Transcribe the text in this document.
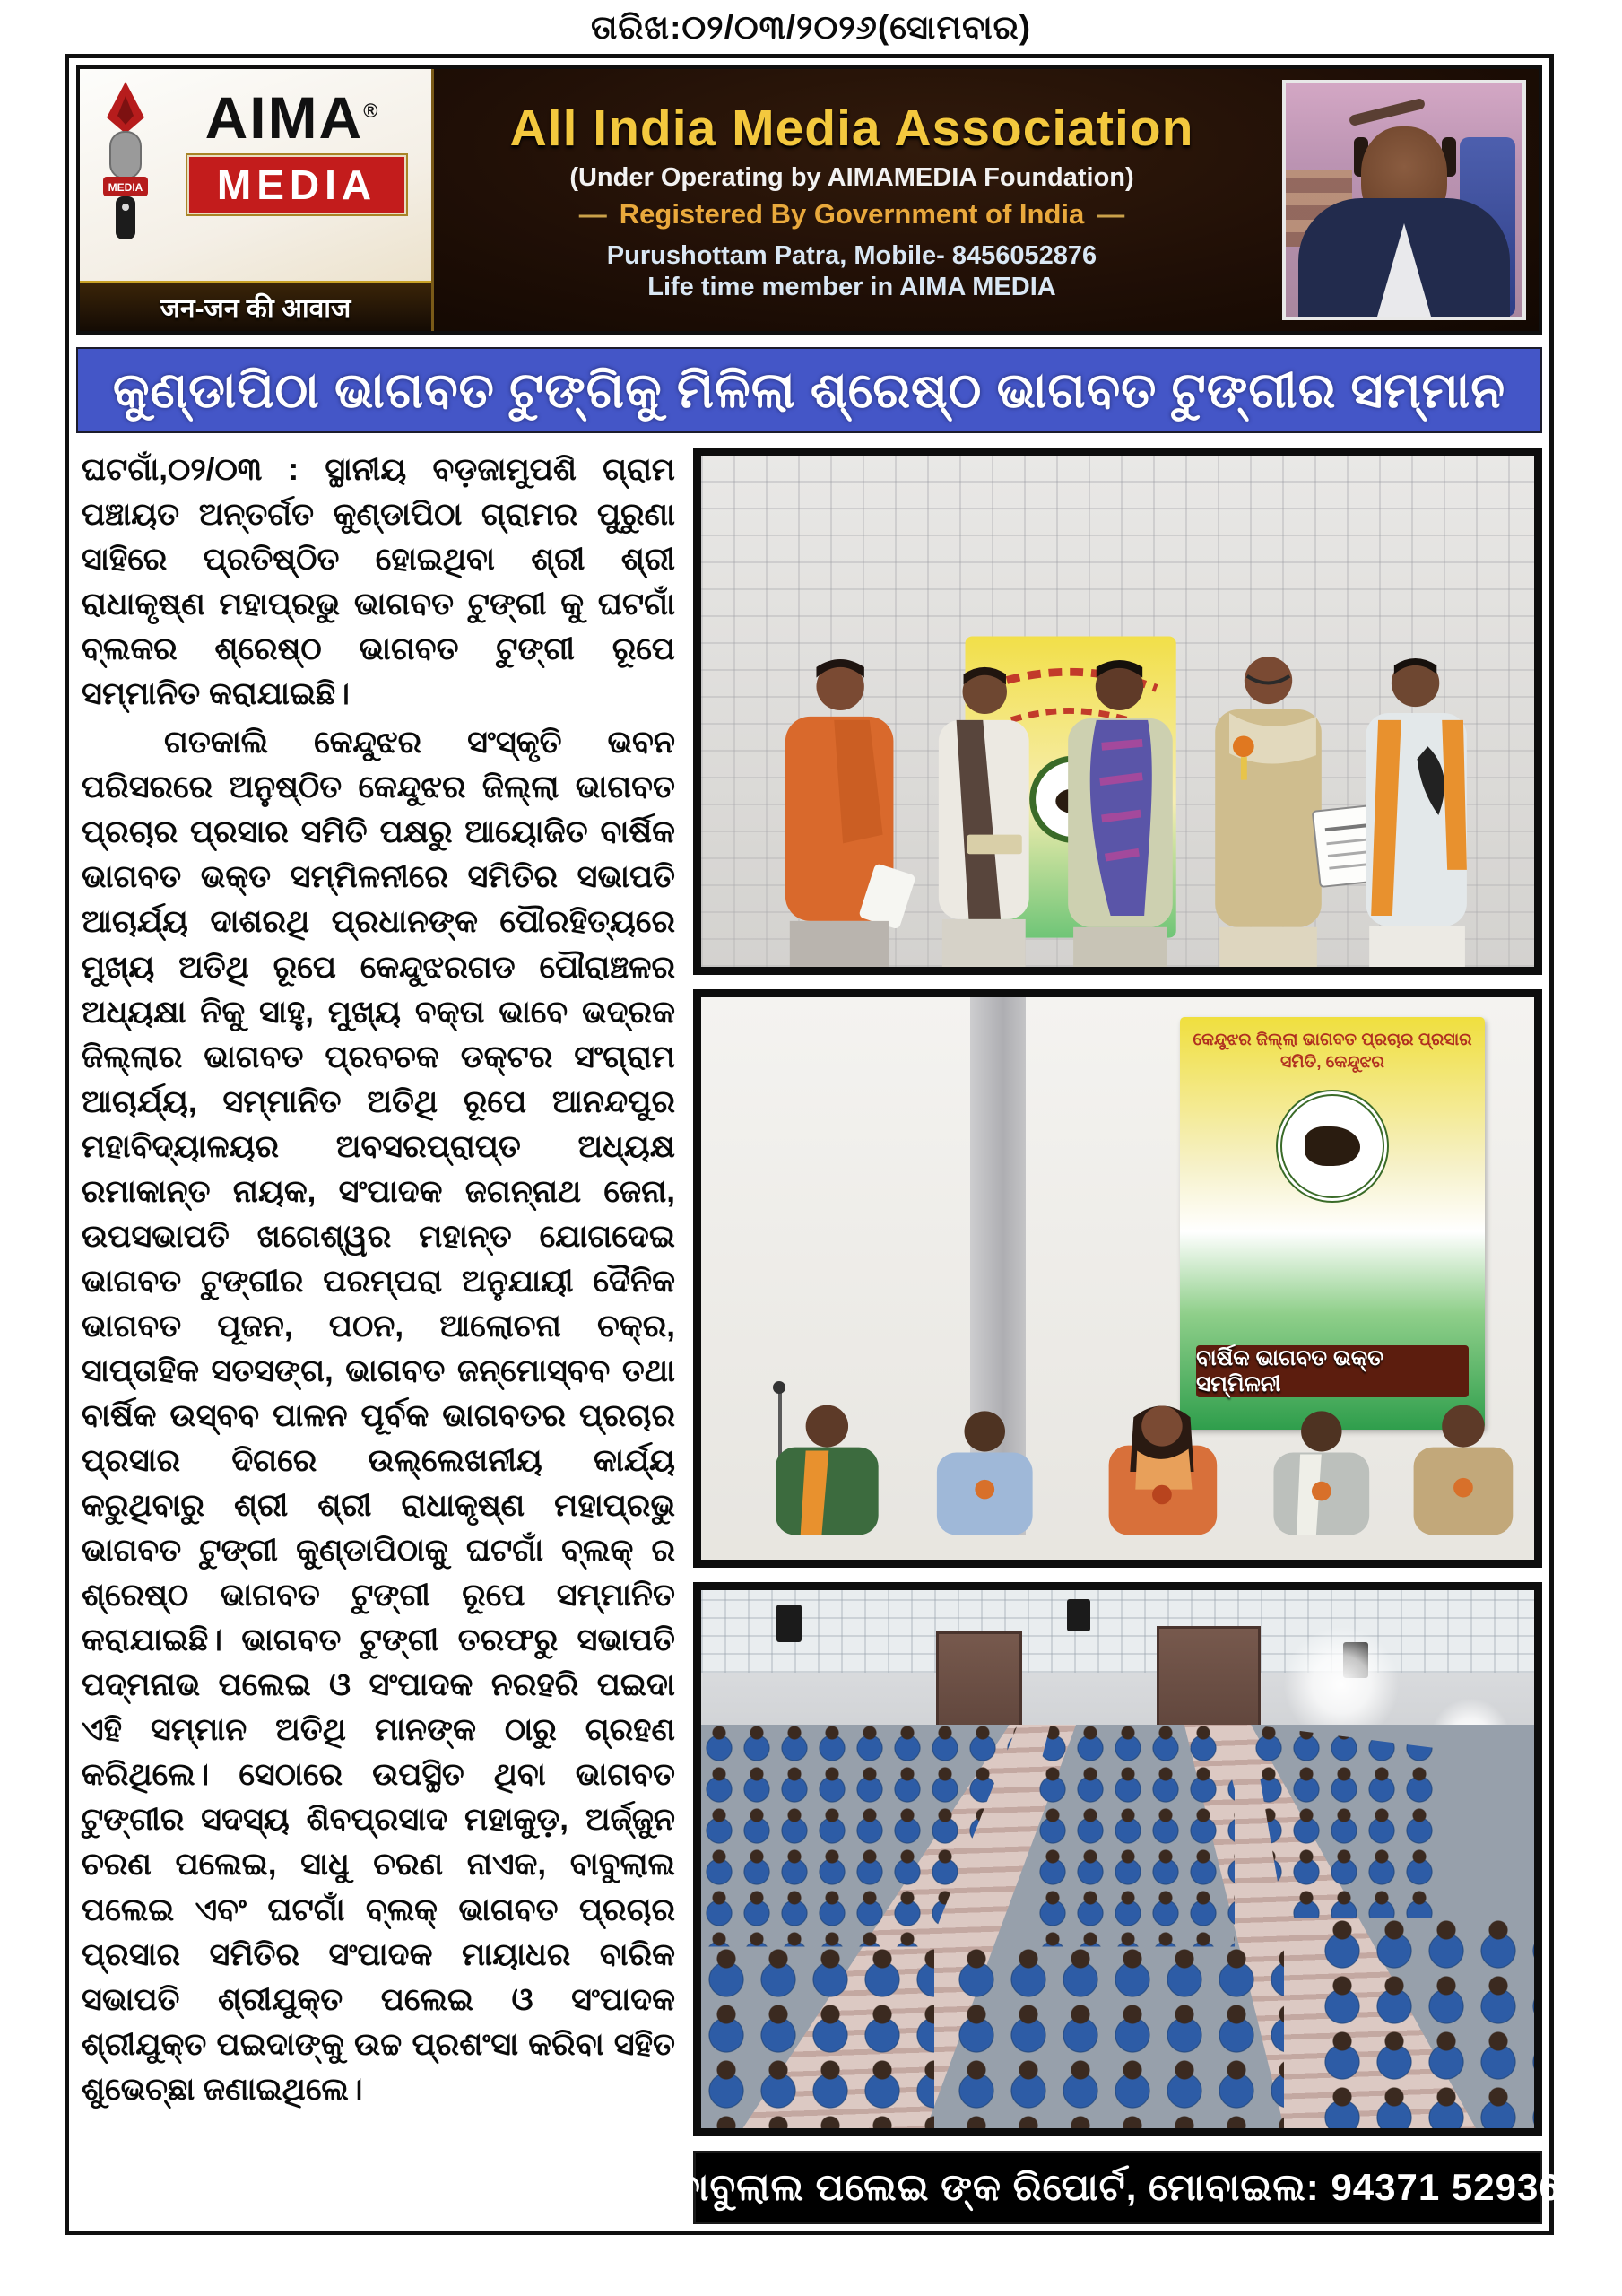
ତାରିଖ:୦୨/୦୩/୨୦୨୬(ସୋମବାର)
MEDIA
AIMA®
MEDIA
जन-जन की आवाज
All India Media Association
(Under Operating by AIMAMEDIA Foundation)
— Registered By Government of India —
Purushottam Patra, Mobile- 8456052876
Life time member in AIMA MEDIA
କୁଣ୍ଡାପିଠା ଭାଗବତ ଟୁଙ୍ଗିକୁ ମିଳିଲା ଶ୍ରେଷ୍ଠ ଭାଗବତ ଟୁଙ୍ଗୀର ସମ୍ମାନ

ଘଟଗାଁ,୦୨/୦୩ : ସ୍ଥାନୀୟ ବଡ଼ଜାମୁପଶି ଗ୍ରାମ ପଞ୍ଚାୟତ ଅନ୍ତର୍ଗତ କୁଣ୍ଡାପିଠା ଗ୍ରାମର ପୁରୁଣା ସାହିରେ ପ୍ରତିଷ୍ଠିତ ହୋଇଥିବା ଶ୍ରୀ ଶ୍ରୀ ରାଧାକୃଷ୍ଣ ମହାପ୍ରଭୁ ଭାଗବତ ଟୁଙ୍ଗୀ କୁ ଘଟଗାଁ ବ୍ଲକର ଶ୍ରେଷ୍ଠ ଭାଗବତ ଟୁଙ୍ଗୀ ରୂପେ ସମ୍ମାନିତ କରାଯାଇଛି।

ଗତକାଲି କେନ୍ଦୁଝର ସଂସ୍କୃତି ଭବନ ପରିସରରେ ଅନୁଷ୍ଠିତ କେନ୍ଦୁଝର ଜିଲ୍ଲା ଭାଗବତ ପ୍ରଚାର ପ୍ରସାର ସମିତି ପକ୍ଷରୁ ଆୟୋଜିତ ବାର୍ଷିକ ଭାଗବତ ଭକ୍ତ ସମ୍ମିଳନୀରେ ସମିତିର ସଭାପତି ଆଚାର୍ଯ୍ୟ ଦାଶରଥି ପ୍ରଧାନଙ୍କ ପୌରହିତ୍ୟରେ ମୁଖ୍ୟ ଅତିଥି ରୂପେ କେନ୍ଦୁଝରଗଡ ପୌରାଞ୍ଚଳର ଅଧ୍ୟକ୍ଷା ନିକୁ ସାହୁ, ମୁଖ୍ୟ ବକ୍ତା ଭାବେ ଭଦ୍ରକ ଜିଲ୍ଲାର ଭାଗବତ ପ୍ରବଚକ ଡକ୍ଟର ସଂଗ୍ରାମ ଆଚାର୍ଯ୍ୟ, ସମ୍ମାନିତ ଅତିଥି ରୂପେ ଆନନ୍ଦପୁର ମହାବିଦ୍ୟାଳୟର ଅବସରପ୍ରାପ୍ତ ଅଧ୍ୟକ୍ଷ ରମାକାନ୍ତ ନାୟକ, ସଂପାଦକ ଜଗନ୍ନାଥ ଜେନା, ଉପସଭାପତି ଖଗେଶ୍ୱର ମହାନ୍ତ ଯୋଗଦେଇ ଭାଗବତ ଟୁଙ୍ଗୀର ପରମ୍ପରା ଅନୁଯାୟୀ ଦୈନିକ ଭାଗବତ ପୂଜନ, ପଠନ, ଆଲୋଚନା ଚକ୍ର, ସାପ୍ତାହିକ ସତସଙ୍ଗ, ଭାଗବତ ଜନ୍ମୋସ୍ବବ ତଥା ବାର୍ଷିକ ଉସ୍ବବ ପାଳନ ପୂର୍ବକ ଭାଗବତର ପ୍ରଚାର ପ୍ରସାର ଦିଗରେ ଉଲ୍ଲେଖନୀୟ କାର୍ଯ୍ୟ କରୁଥିବାରୁ ଶ୍ରୀ ଶ୍ରୀ ରାଧାକୃଷ୍ଣ ମହାପ୍ରଭୁ ଭାଗବତ ଟୁଙ୍ଗୀ କୁଣ୍ଡାପିଠାକୁ ଘଟଗାଁ ବ୍ଲକ୍ ର ଶ୍ରେଷ୍ଠ ଭାଗବତ ଟୁଙ୍ଗୀ ରୂପେ ସମ୍ମାନିତ କରାଯାଇଛି। ଭାଗବତ ଟୁଙ୍ଗୀ ତରଫରୁ ସଭାପତି ପଦ୍ମନାଭ ପଲେଇ ଓ ସଂପାଦକ ନରହରି ପଇଦା ଏହି ସମ୍ମାନ ଅତିଥି ମାନଙ୍କ ଠାରୁ ଗ୍ରହଣ କରିଥିଲେ। ସେଠାରେ ଉପସ୍ଥିତ ଥିବା ଭାଗବତ ଟୁଙ୍ଗୀର ସଦସ୍ୟ ଶିବପ୍ରସାଦ ମହାକୁଡ଼, ଅର୍ଜ୍ଜୁନ ଚରଣ ପଲେଇ, ସାଧୁ ଚରଣ ନାଏକ, ବାବୁଲାଲ ପଲେଇ ଏବଂ ଘଟଗାଁ ବ୍ଲକ୍ ଭାଗବତ ପ୍ରଚାର ପ୍ରସାର ସମିତିର ସଂପାଦକ ମାୟାଧର ବାରିକ ସଭାପତି ଶ୍ରୀଯୁକ୍ତ ପଲେଇ ଓ ସଂପାଦକ ଶ୍ରୀଯୁକ୍ତ ପଇଦାଙ୍କୁ ଉଚ୍ଚ ପ୍ରଶଂସା କରିବା ସହିତ ଶୁଭେଚ୍ଛା ଜଣାଇଥିଲେ।

କେନ୍ଦୁଝର ଜିଲ୍ଲା ଭାଗବତ ପ୍ରଚାର ପ୍ରସାର ସମିତି, କେନ୍ଦୁଝର
ବାର୍ଷିକ ଭାଗବତ ଭକ୍ତ ସମ୍ମିଳନୀ
ବାବୁଲାଲ ପଲେଇ ଙ୍କ ରିପୋର୍ଟ, ମୋବାଇଲ: 94371 52936
